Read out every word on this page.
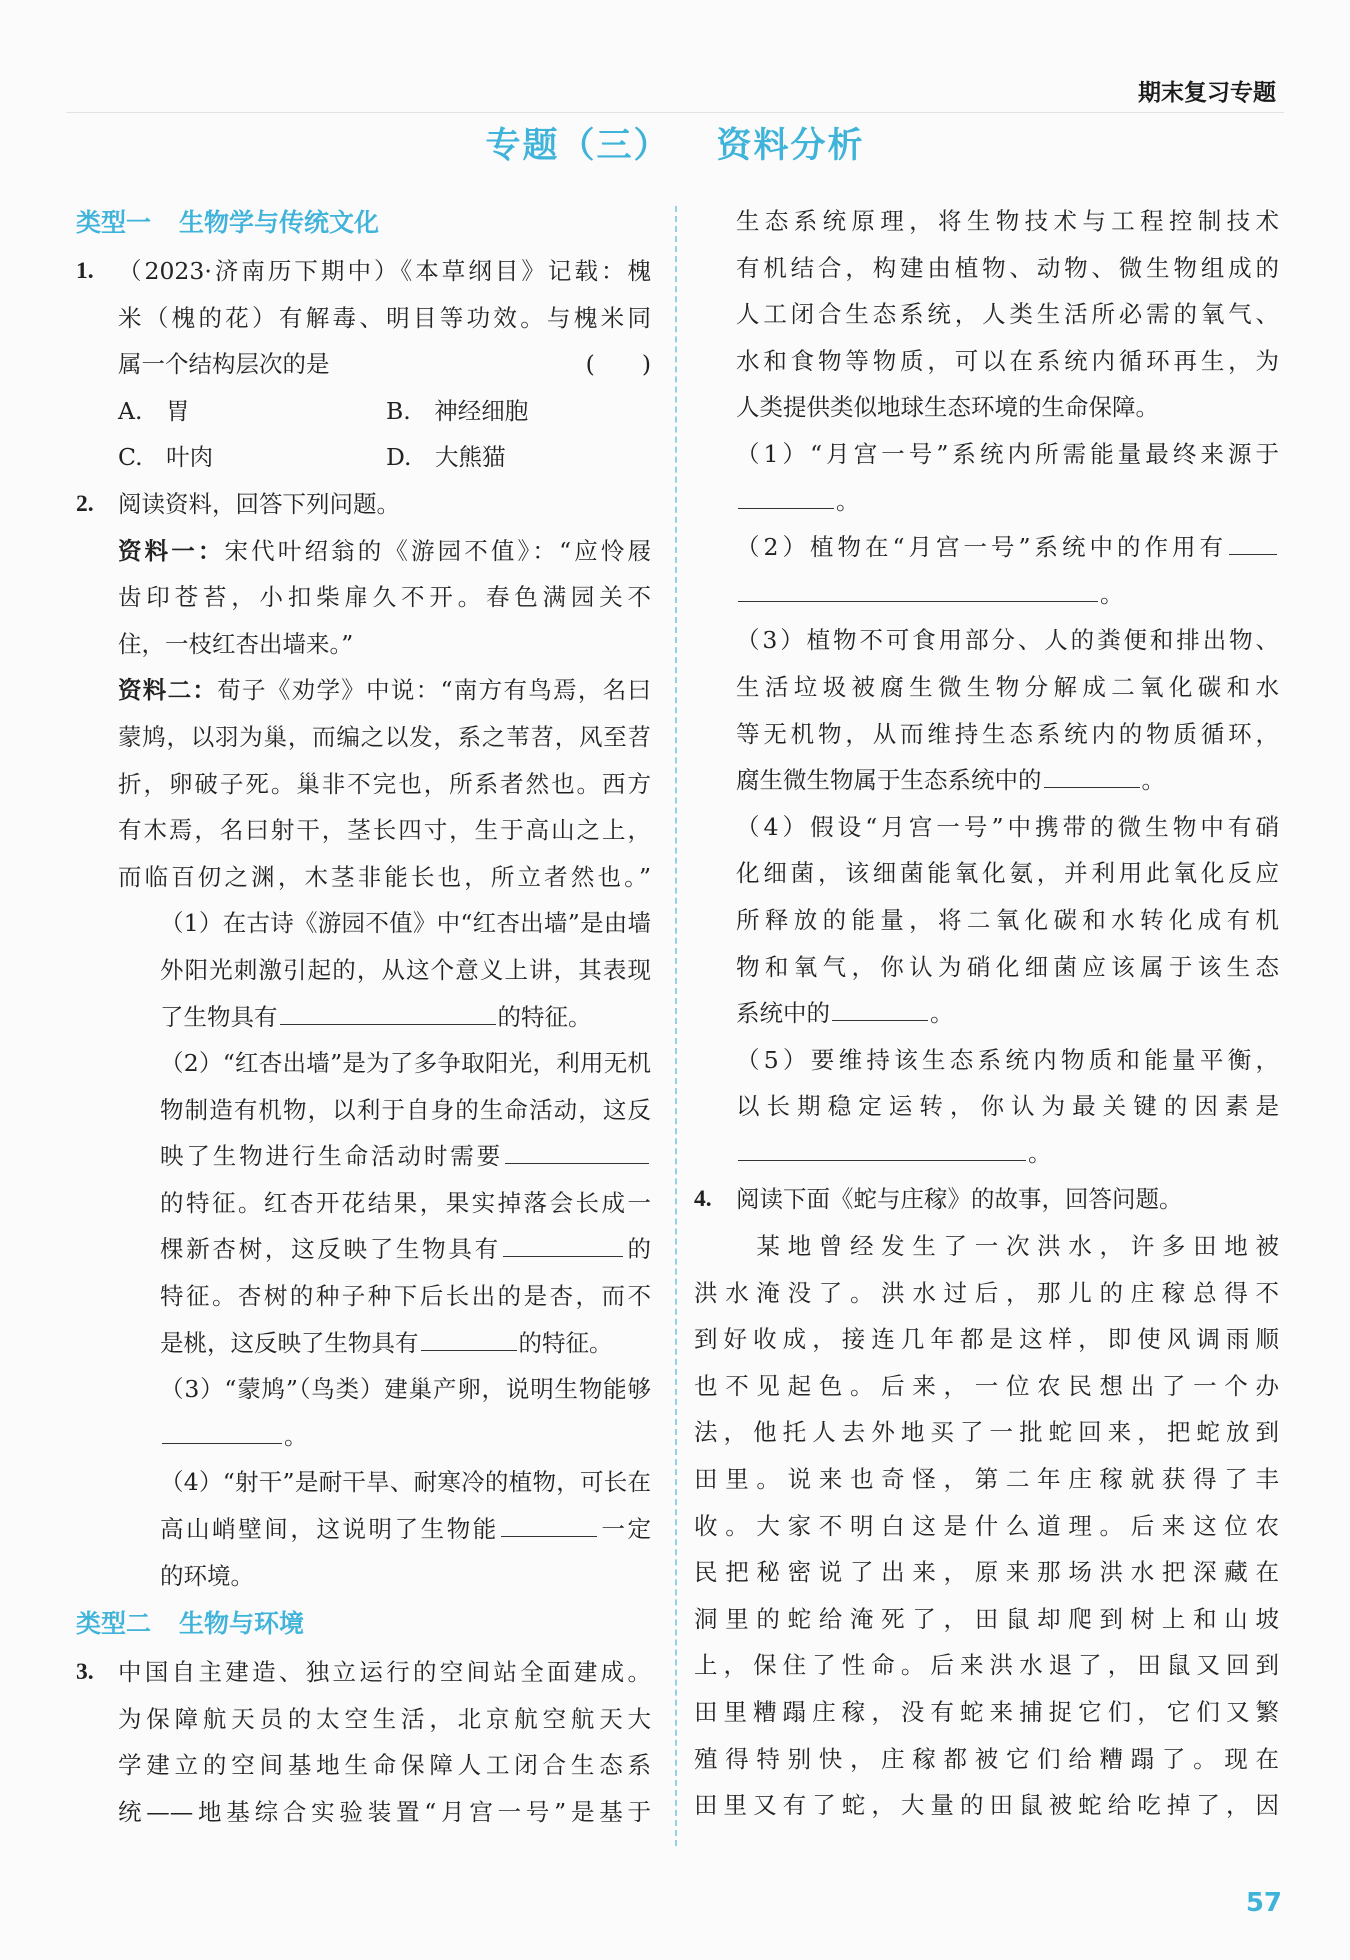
期末复习专题
专题（三） 资料分析
类型一 生物学与传统文化
1. （2023·济南历下期中）《本草纲目》记载：槐
米（槐的花）有解毒、明目等功效。与槐米同
属一个结构层次的是	(　　)
A.　胃	B.　神经细胞
C.　叶肉	D.　大熊猫
2. 阅读资料，回答下列问题。
资料一：宋代叶绍翁的《游园不值》：“应怜屐
齿印苍苔，小扣柴扉久不开。春色满园关不
住，一枝红杏出墙来。”
资料二：荀子《劝学》中说：“南方有鸟焉，名曰
蒙鸠，以羽为巢，而编之以发，系之苇苕，风至苕
折，卵破子死。巢非不完也，所系者然也。西方
有木焉，名曰射干，茎长四寸，生于高山之上，
而临百仞之渊，木茎非能长也，所立者然也。”
（1）在古诗《游园不值》中“红杏出墙”是由墙
外阳光刺激引起的，从这个意义上讲，其表现
了生物具有	的特征。
（2）“红杏出墙”是为了多争取阳光，利用无机
物制造有机物，以利于自身的生命活动，这反
映了生物进行生命活动时需要
的特征。红杏开花结果，果实掉落会长成一
棵新杏树，这反映了生物具有	的
特征。杏树的种子种下后长出的是杏，而不
是桃，这反映了生物具有	的特征。
（3）“蒙鸠”（鸟类）建巢产卵，说明生物能够
。
（4）“射干”是耐干旱、耐寒冷的植物，可长在
高山峭壁间，这说明了生物能	一定
的环境。
类型二 生物与环境
3. 中国自主建造、独立运行的空间站全面建成。
为保障航天员的太空生活，北京航空航天大
学建立的空间基地生命保障人工闭合生态系
统——地基综合实验装置“月宫一号”是基于
生态系统原理，将生物技术与工程控制技术
有机结合，构建由植物、动物、微生物组成的
人工闭合生态系统，人类生活所必需的氧气、
水和食物等物质，可以在系统内循环再生，为
人类提供类似地球生态环境的生命保障。
（1）“月宫一号”系统内所需能量最终来源于
。
（2）植物在“月宫一号”系统中的作用有
。
（3）植物不可食用部分、人的粪便和排出物、
生活垃圾被腐生微生物分解成二氧化碳和水
等无机物，从而维持生态系统内的物质循环，
腐生微生物属于生态系统中的	。
（4）假设“月宫一号”中携带的微生物中有硝
化细菌，该细菌能氧化氨，并利用此氧化反应
所释放的能量，将二氧化碳和水转化成有机
物和氧气，你认为硝化细菌应该属于该生态
系统中的	。
（5）要维持该生态系统内物质和能量平衡，
以长期稳定运转，你认为最关键的因素是
。
4. 阅读下面《蛇与庄稼》的故事，回答问题。
　　某地曾经发生了一次洪水，许多田地被
洪水淹没了。洪水过后，那儿的庄稼总得不
到好收成，接连几年都是这样，即使风调雨顺
也不见起色。后来，一位农民想出了一个办
法，他托人去外地买了一批蛇回来，把蛇放到
田里。说来也奇怪，第二年庄稼就获得了丰
收。大家不明白这是什么道理。后来这位农
民把秘密说了出来，原来那场洪水把深藏在
洞里的蛇给淹死了，田鼠却爬到树上和山坡
上，保住了性命。后来洪水退了，田鼠又回到
田里糟蹋庄稼，没有蛇来捕捉它们，它们又繁
殖得特别快，庄稼都被它们给糟蹋了。现在
田里又有了蛇，大量的田鼠被蛇给吃掉了，因
57
